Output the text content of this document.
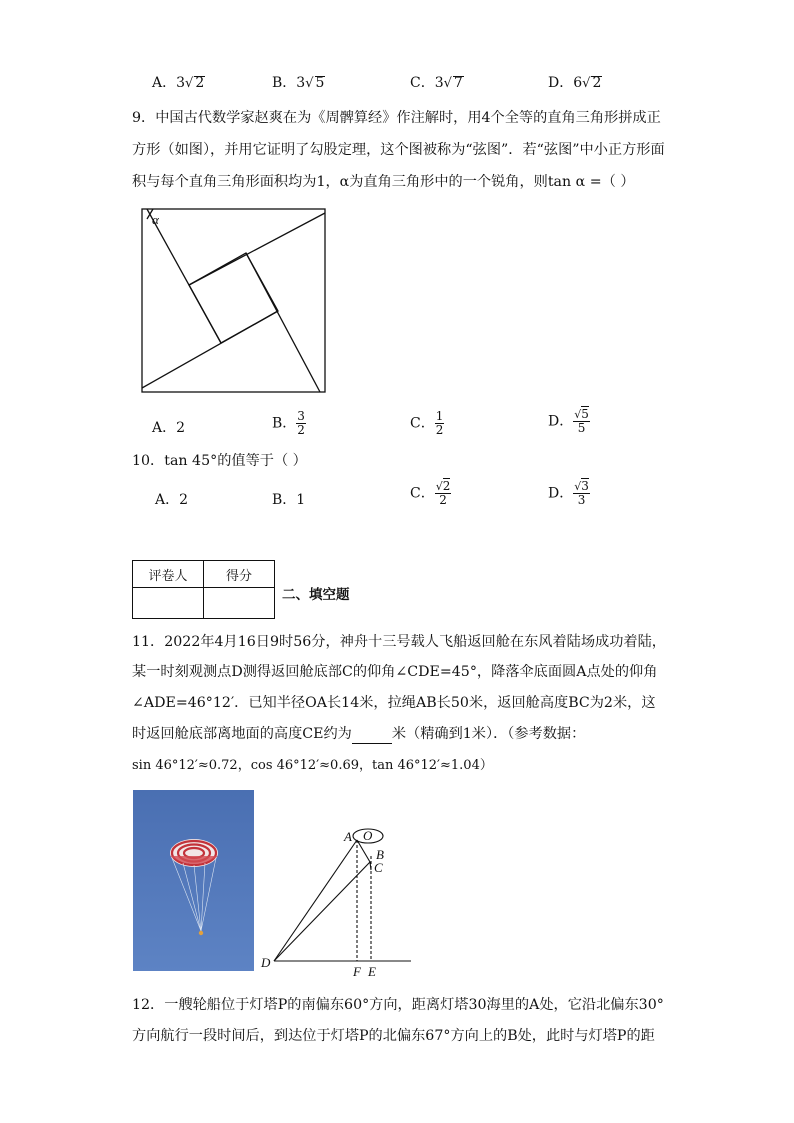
A．3√ 2	B．3√ 5	C．3√ 7	D．6√ 2
9．中国古代数学家赵爽在为《周髀算经》作注解时，用4个全等的直角三角形拼成正
方形（如图），并用它证明了勾股定理，这个图被称为“弦图”．若“弦图”中小正方形面
积与每个直角三角形面积均为1，α为直角三角形中的一个锐角，则tan α =（ ）
α
A．2	B． $\frac{3}{2}$	C． $\frac{1}{2}$	D． $\frac{√5}{5}$
10．tan 45°的值等于（ ）
A．2	B．1	C． $\frac{√2}{2}$	D． $\frac{√3}{3}$
评卷人	得分

二、填空题
11．2022年4月16日9时56分，神舟十三号载人飞船返回舱在东风着陆场成功着陆，
某一时刻观测点D测得返回舱底部C的仰角∠CDE=45°，降落伞底面圆A点处的仰角
∠ADE=46°12′．已知半径OA长14米，拉绳AB长50米，返回舱高度BC为2米，这
时返回舱底部离地面的高度CE约为	米（精确到1米）．（参考数据：
sin 46°12′≈0.72，cos 46°12′≈0.69，tan 46°12′≈1.04）
A O
B
C
D
F E
12．一艘轮船位于灯塔P的南偏东60°方向，距离灯塔30海里的A处，它沿北偏东30°
方向航行一段时间后，到达位于灯塔P的北偏东67°方向上的B处，此时与灯塔P的距
